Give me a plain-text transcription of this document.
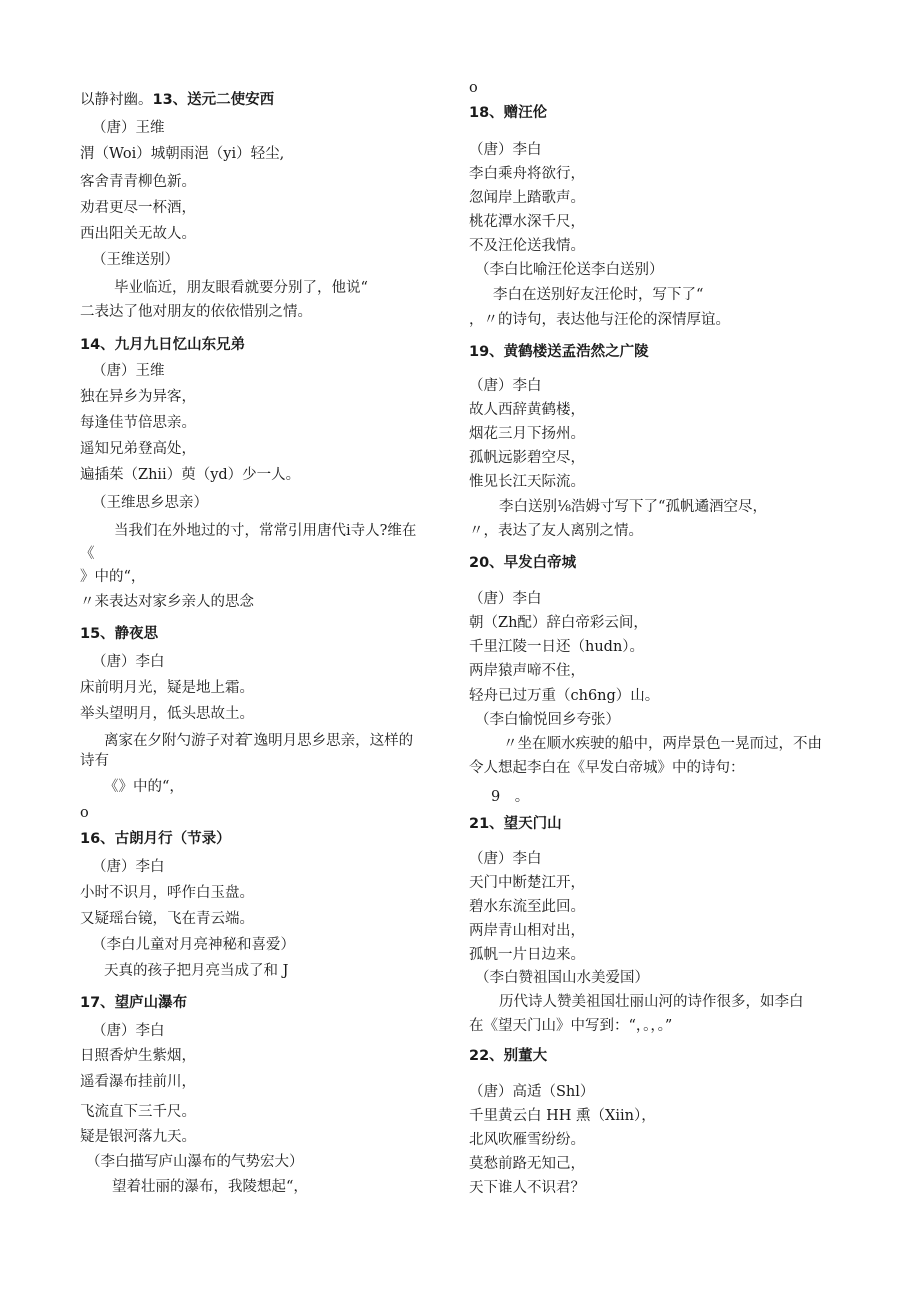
以静衬幽。13、送元二使安西
（唐）王维
渭（Woi）城朝雨浥（yi）轻尘,
客舍青青柳色新。
劝君更尽一杯酒，
西出阳关无故人。
（王维送别）
毕业临近，朋友眼看就要分别了，他说“
二表达了他对朋友的依依惜别之情。
14、九月九日忆山东兄弟
（唐）王维
独在异乡为异客，
每逢佳节倍思亲。
遥知兄弟登高处，
遍插茱（Zhii）萸（yd）少一人。
（王维思乡思亲）
当我们在外地过的寸，常常引用唐代i寺人?维在
《
》中的“，
〃来表达对家乡亲人的思念
15、静夜思
（唐）李白
床前明月光，疑是地上霜。
举头望明月，低头思故土。
离家在夕附勺游子对着 ̄逸明月思乡思亲，这样的
诗有
《》中的“，
o
16、古朗月行（节录）
（唐）李白
小时不识月，呼作白玉盘。
又疑瑶台镜，飞在青云端。
（李白儿童对月亮神秘和喜爱）
天真的孩子把月亮当成了和 J
17、望庐山瀑布
（唐）李白
日照香炉生紫烟，
遥看瀑布挂前川，
飞流直下三千尺。
疑是银河落九天。
（李白描写庐山瀑布的气势宏大）
望着壮丽的瀑布，我陵想起“，
o
18、赠汪伦
（唐）李白
李白乘舟将欲行，
忽闻岸上踏歌声。
桃花潭水深千尺，
不及汪伦送我情。
（李白比喻汪伦送李白送别）
李白在送别好友汪伦时，写下了“
，〃的诗句，表达他与汪伦的深情厚谊。
19、黄鹤楼送孟浩然之广陵
（唐）李白
故人西辞黄鹤楼，
烟花三月下扬州。
孤帆远影碧空尽，
惟见长江天际流。
李白送别⅛浩姆寸写下了“孤帆遹酒空尽，
〃，表达了友人离别之情。
20、早发白帝城
（唐）李白
朝（Zh配）辞白帝彩云间，
千里江陵一日还（hudn）。
两岸猿声啼不住，
轻舟已过万重（ch6ng）山。
（李白愉悦回乡夸张）
〃坐在顺水疾驶的船中，两岸景色一晃而过，不由
令人想起李白在《早发白帝城》中的诗句：
9　。
21、望天门山
（唐）李白
天门中断楚江开，
碧水东流至此回。
两岸青山相对出，
孤帆一片日边来。
（李白赞祖国山水美爱国）
历代诗人赞美祖国壮丽山河的诗作很多，如李白
在《望天门山》中写到：“，。，。”
22、别董大
（唐）高适（Shl）
千里黄云白 HH 熏（Xiin），
北风吹雁雪纷纷。
莫愁前路无知己，
天下谁人不识君？
